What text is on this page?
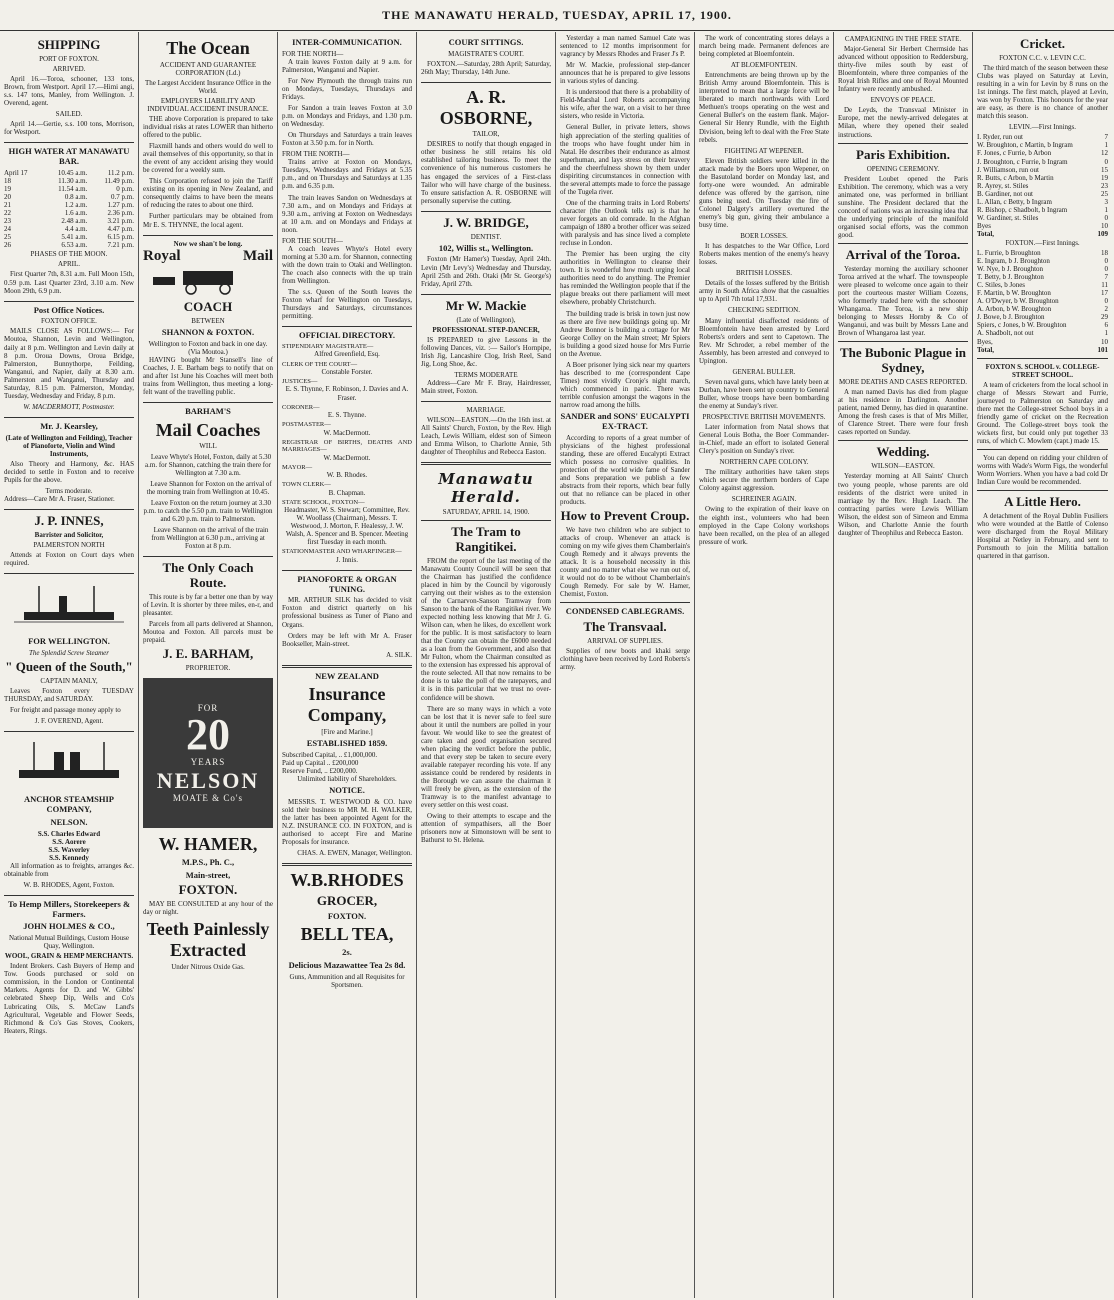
THE MANAWATU HERALD, TUESDAY, APRIL 17, 1900.
SHIPPING
PORT OF FOXTON.
ARRIVED.

April 16.—Toroa, schooner, 133 tons, Brown, from Westport. April 17.—Himi angi, s.s. 147 tons, Manley, from Wellington. J. Overend, agent.

SAILED.

April 14.—Gertie, s.s. 100 tons, Morrison, for Westport.

HIGH WATER AT MANAWATU BAR.
April 17	10.45 a.m.	11.2 p.m.
18	11.30 a.m.	11.49 p.m.
19	11.54 a.m.	0 p.m.
20	0.8 a.m.	0.7 p.m.
21	1.2 a.m.	1.27 p.m.
22	1.6 a.m.	2.36 p.m.
23	2.48 a.m.	3.21 p.m.
24	4.4 a.m.	4.47 p.m.
25	5.41 a.m.	6.15 p.m.
26	6.53 a.m.	7.21 p.m.
PHASES OF THE MOON.
APRIL.

First Quarter 7th, 8.31 a.m. Full Moon 15th, 0.59 p.m. Last Quarter 23rd, 3.10 a.m. New Moon 29th, 6.9 p.m.

Post Office Notices.
FOXTON OFFICE.

MAILS CLOSE AS FOLLOWS:— For Moutoa, Shannon, Levin and Wellington, daily at 8 p.m. Wellington and Levin daily at 8 p.m. Oroua Downs, Oroua Bridge, Palmerston, Bunnythorpe, Feilding, Wanganui, and Napier, daily at 8.30 a.m. Palmerston and Wanganui, Thursday and Saturday, 8.15 p.m. Palmerston, Monday, Tuesday, Wednesday and Friday, 8 p.m.

W. MACDERMOTT, Postmaster.
Mr. J. Kearsley,
(Late of Wellington and Feilding), Teacher of Pianoforte, Violin and Wind Instruments,

Also Theory and Harmony, &c. HAS decided to settle in Foxton and to receive Pupils for the above.

Terms moderate.
Address—Care Mr A. Fraser, Stationer.
J. P. INNES,
Barrister and Solicitor,
PALMERSTON NORTH

Attends at Foxton on Court days when required.

FOR WELLINGTON.
The Splendid Screw Steamer
" Queen of the South,"
CAPTAIN MANLY,

Leaves Foxton every TUESDAY THURSDAY, and SATURDAY.

For freight and passage money apply to

J. F. OVEREND, Agent.
ANCHOR STEAMSHIP COMPANY,
NELSON.
S.S. Charles Edward
S.S. Aorere
S.S. Waverley
S.S. Kennedy

All information as to freights, arranges &c. obtainable from

W. B. RHODES, Agent, Foxton.
To Hemp Millers, Storekeepers & Farmers.
JOHN HOLMES & CO.,
National Mutual Buildings, Custom House Quay, Wellington.
WOOL, GRAIN & HEMP MERCHANTS.

Indent Brokers. Cash Buyers of Hemp and Tow. Goods purchased or sold on commission, in the London or Continental Markets. Agents for D. and W. Gibbs' celebrated Sheep Dip, Wells and Co's Lubricating Oils, S. McCaw Land's Agricultural, Vegetable and Flower Seeds, Richmond & Co's Gas Stoves, Cookers, Heaters, Rings.

The Ocean
ACCIDENT AND GUARANTEE CORPORATION (Ld.)
The Largest Accident Insurance Office in the World.
EMPLOYERS LIABILITY AND INDIVIDUAL ACCIDENT INSURANCE.

THE above Corporation is prepared to take individual risks at rates LOWER than hitherto offered to the public.

Flaxmill hands and others would do well to avail themselves of this opportunity, so that in the event of any accident arising they would be covered for a weekly sum.

This Corporation refused to join the Tariff existing on its opening in New Zealand, and consequently claims to have been the means of reducing the rates to about one third.

Further particulars may be obtained from Mr E. S. THYNNE, the local agent.

Now we shan't be long.
Royal	Mail
COACH
BETWEEN
SHANNON & FOXTON.
Wellington to Foxton and back in one day.
(Via Moutoa.)

HAVING bought Mr Stansell's line of Coaches, J. E. Barham begs to notify that on and after 1st June his Coaches will meet both trains from Wellington, thus meeting a long-felt want of the travelling public.

BARHAM'S
Mail Coaches
WILL

Leave Whyte's Hotel, Foxton, daily at 5.30 a.m. for Shannon, catching the train there for Wellington at 7.30 a.m.

Leave Shannon for Foxton on the arrival of the morning train from Wellington at 10.45.

Leave Foxton on the return journey at 3.30 p.m. to catch the 5.50 p.m. train to Wellington and 6.20 p.m. train to Palmerston.

Leave Shannon on the arrival of the train from Wellington at 6.30 p.m., arriving at Foxton at 8 p.m.

The Only Coach Route.

This route is by far a better one than by way of Levin. It is shorter by three miles, en-r, and pleasanter.

Parcels from all parts delivered at Shannon, Moutoa and Foxton. All parcels must be prepaid.

J. E. BARHAM,
PROPRIETOR.
FOR
20
YEARS
NELSON
MOATE & Co's
W. HAMER,
M.P.S., Ph. C.,
Main-street,
FOXTON.

MAY BE CONSULTED at any hour of the day or night.

Teeth Painlessly Extracted
Under Nitrous Oxide Gas.
INTER-COMMUNICATION.
FOR THE NORTH—

A train leaves Foxton daily at 9 a.m. for Palmerston, Wanganui and Napier.

For New Plymouth the through trains run on Mondays, Tuesdays, Thursdays and Fridays.

For Sandon a train leaves Foxton at 3.0 p.m. on Mondays and Fridays, and 1.30 p.m. on Wednesday.

On Thursdays and Saturdays a train leaves Foxton at 3.50 p.m. for in North.

FROM THE NORTH—

Trains arrive at Foxton on Mondays, Tuesdays, Wednesdays and Fridays at 5.35 p.m., and on Thursdays and Saturdays at 1.35 p.m. and 6.35 p.m.

The train leaves Sandon on Wednesdays at 7.30 a.m., and on Mondays and Fridays at 9.30 a.m., arriving at Foxton on Wednesdays at 10 a.m. and on Mondays and Fridays at noon.

FOR THE SOUTH—

A coach leaves Whyte's Hotel every morning at 5.30 a.m. for Shannon, connecting with the down train to Otaki and Wellington. The coach also connects with the up train from Wellington.

The s.s. Queen of the South leaves the Foxton wharf for Wellington on Tuesdays, Thursdays and Saturdays, circumstances permitting.

OFFICIAL DIRECTORY.
STIPENDIARY MAGISTRATE—
Alfred Greenfield, Esq.
CLERK OF THE COURT—
Constable Forster.
JUSTICES—
E. S. Thynne, F. Robinson, J. Davies and A. Fraser.
CORONER—
E. S. Thynne.
POSTMASTER—
W. MacDermott.
REGISTRAR OF BIRTHS, DEATHS AND MARRIAGES—
W. MacDermott.
MAYOR—
W. B. Rhodes.
TOWN CLERK—
B. Chapman.
STATE SCHOOL, FOXTON—
Headmaster, W. S. Stewart; Committee, Rev. W. Woollass (Chairman), Messrs. T. Westwood, J. Morton, F. Healessy, J. W. Walsh, A. Spencer and B. Spencer. Meeting first Tuesday in each month.
STATIONMASTER AND WHARFINGER—
J. Innis.
PIANOFORTE & ORGAN TUNING.

MR. ARTHUR SILK has decided to visit Foxton and district quarterly on his professional business as Tuner of Piano and Organs.

Orders may be left with Mr A. Fraser Bookseller, Main-street.

A. SILK.
NEW ZEALAND
Insurance Company,
[Fire and Marine.]
ESTABLISHED 1859.
Subscribed Capital, .. £1,000,000.
Paid up Capital .. £200,000
Reserve Fund, .. £200,000.
Unlimited liability of Shareholders.
NOTICE.

MESSRS. T. WESTWOOD & CO. have sold their business to MR M. H. WALKER, the latter has been appointed Agent for the N.Z. INSURANCE CO. IN FOXTON, and is authorised to accept Fire and Marine Proposals for insurance.

CHAS. A. EWEN, Manager, Wellington.
W.B.RHODES
GROCER,
FOXTON.
BELL TEA,
2s.
Delicious Mazawattee Tea 2s 8d.
Guns, Ammunition and all Requisites for Sportsmen.
COURT SITTINGS.
MAGISTRATE'S COURT.

FOXTON.—Saturday, 28th April; Saturday, 26th May; Thursday, 14th June.

A. R. OSBORNE,
TAILOR,

DESIRES to notify that though engaged in other business he still retains his old established tailoring business. To meet the convenience of his numerous customers he has engaged the services of a First-class Tailor who will have charge of the business. To ensure satisfaction A. R. OSBORNE will personally supervise the cutting.

J. W. BRIDGE,
DENTIST.
102, Willis st., Wellington.

Foxton (Mr Hamer's) Tuesday, April 24th. Levin (Mr Levy's) Wednesday and Thursday, April 25th and 26th. Otaki (Mr St. George's) Friday, April 27th.

Mr W. Mackie
(Late of Wellington),
PROFESSIONAL STEP-DANCER,

IS PREPARED to give Lessons in the following Dances, viz. :— Sailor's Hornpipe, Irish Jig, Lancashire Clog, Irish Reel, Sand Jig, Long Shoe, &c.

TERMS MODERATE

Address—Care Mr F. Bray, Hairdresser, Main street, Foxton.

MARRIAGE.

WILSON—EASTON.—On the 16th inst. at All Saints' Church, Foxton, by the Rev. High Leach, Lewis William, eldest son of Simeon and Emma Wilson, to Charlotte Annie, 5th daughter of Theophilus and Rebecca Easton.

Manawatu Herald.
SATURDAY, APRIL 14, 1900.
The Tram to Rangitikei.

FROM the report of the last meeting of the Manawatu County Council will be seen that the Chairman has justified the confidence placed in him by the Council by vigorously carrying out their wishes as to the extension of the Carnarvon-Sanson Tramway from Sanson to the bank of the Rangitikei river. We expected nothing less knowing that Mr J. G. Wilson can, when he likes, do excellent work for the public. It is most satisfactory to learn that the County can obtain the £6000 needed as a loan from the Government, and also that Mr Fulton, whom the Chairman consulted as to the extension has expressed his approval of the route selected. All that now remains to be done is to take the poll of the ratepayers, and it is in this particular that we trust no over-confidence will be shown.

There are so many ways in which a vote can be lost that it is never safe to feel sure about it until the numbers are polled in your favour. We would like to see the greatest of care taken and good organisation secured when placing the verdict before the public, and that every step be taken to secure every available ratepayer recording his vote. If any assistance could be rendered by residents in the Borough we can assure the chairman it will freely be given, as the extension of the Tramway is to the manifest advantage to every settler on this west coast.

Owing to their attempts to escape and the attention of sympathisers, all the Boer prisoners now at Simonstown will be sent to Bathurst to St. Helena.

Yesterday a man named Samuel Cate was sentenced to 12 months imprisonment for vagrancy by Messrs Rhodes and Fraser J's P.

Mr W. Mackie, professional step-dancer announces that he is prepared to give lessons in various styles of dancing.

It is understood that there is a probability of Field-Marshal Lord Roberts accompanying his wife, after the war, on a visit to her three sisters, who reside in Victoria.

General Buller, in private letters, shows high appreciation of the sterling qualities of the troops who have fought under him in Natal. He describes their endurance as almost superhuman, and lays stress on their bravery and the cheerfulness shown by them under dispiriting circumstances in connection with the several attempts made to force the passage of the Tugela river.

One of the charming traits in Lord Roberts' character (the Outlook tells us) is that he never forgets an old comrade. In the Afghan campaign of 1880 a brother officer was seized with paralysis and has since lived a complete recluse in London.

The Premier has been urging the city authorities in Wellington to cleanse their town. It is wonderful how much urging local authorities need to do anything. The Premier has reminded the Wellington people that if the plague breaks out there parliament will meet elsewhere, probably Christchurch.

The building trade is brisk in town just now as there are five new buildings going up. Mr Andrew Bonnor is building a cottage for Mr George Colley on the Main street; Mr Spiers is building a good sized house for Mrs Furrie on the Avenue.

A Boer prisoner lying sick near my quarters has described to me (correspondent Cape Times) most vividly Cronje's night march, which commenced in panic. There was terrible confusion amongst the wagons in the narrow road among the hills.

SANDER and SONS' EUCALYPTI EX-TRACT.

According to reports of a great number of physicians of the highest professional standing, these are offered Eucalypti Extract which possess no corrosive qualities. In protection of the world wide fame of Sander and Sons preparation we publish a few abstracts from their reports, which bear fully out that no reliance can be placed in other products.

How to Prevent Croup.

We have two children who are subject to attacks of croup. Whenever an attack is coming on my wife gives them Chamberlain's Cough Remedy and it always prevents the attack. It is a household necessity in this county and no matter what else we run out of, it would not do to be without Chamberlain's Cough Remedy. For sale by W. Hamer, Chemist, Foxton.

CONDENSED CABLEGRAMS.
The Transvaal.
ARRIVAL OF SUPPLIES.

Supplies of new boots and khaki serge clothing have been received by Lord Roberts's army.

The work of concentrating stores delays a march being made. Permanent defences are being completed at Bloemfontein.

AT BLOEMFONTEIN.

Entrenchments are being thrown up by the British Army around Bloemfontein. This is interpreted to mean that a large force will be liberated to march northwards with Lord Methuen's troops operating on the west and General Buller's on the eastern flank. Major-General Sir Henry Rundle, with the Eighth Division, being left to deal with the Free State rebels.

FIGHTING AT WEPENER.

Eleven British soldiers were killed in the attack made by the Boers upon Wepener, on the Basutoland border on Monday last, and forty-one were wounded. An admirable defence was offered by the garrison, nine guns being used. On Tuesday the fire of Colonel Dalgety's artillery overtured the enemy's big gun, giving their ambulance a busy time.

BOER LOSSES.

It has despatches to the War Office, Lord Roberts makes mention of the enemy's heavy losses.

BRITISH LOSSES.

Details of the losses suffered by the British army in South Africa show that the casualties up to April 7th total 17,931.

CHECKING SEDITION.

Many influential disaffected residents of Bloemfontein have been arrested by Lord Roberts's orders and sent to Capetown. The Rev. Mr Schroder, a rebel member of the Assembly, has been arrested and conveyed to Upington.

GENERAL BULLER.

Seven naval guns, which have lately been at Durban, have been sent up country to General Buller, whose troops have been bombarding the enemy at Sunday's river.

PROSPECTIVE BRITISH MOVEMENTS.

Later information from Natal shows that General Louis Botha, the Boer Commander-in-Chief, made an effort to isolated General Clery's position on Sunday's river.

NORTHERN CAPE COLONY.

The military authorities have taken steps which secure the northern borders of Cape Colony against aggression.

SCHREINER AGAIN.

Owing to the expiration of their leave on the eighth inst., volunteers who had been employed in the Cape Colony workshops have been recalled, on the plea of an alleged pressure of work.

CAMPAIGNING IN THE FREE STATE.

Major-General Sir Herbert Chermside has advanced without opposition to Reddersburg, thirty-five miles south by east of Bloemfontein, where three companies of the Royal Irish Rifles and one of Royal Mounted Infantry were recently ambushed.

ENVOYS OF PEACE.

De Leyds, the Transvaal Minister in Europe, met the newly-arrived delegates at Milan, where they opened their sealed instructions.

Paris Exhibition.
OPENING CEREMONY.

President Loubet opened the Paris Exhibition. The ceremony, which was a very animated one, was performed in brilliant sunshine. The President declared that the concord of nations was an increasing idea that the underlying principle of the manifold organised social efforts, was the common good.

Arrival of the Toroa.

Yesterday morning the auxiliary schooner Toroa arrived at the wharf. The townspeople were pleased to welcome once again to their port the courteous master William Cozens, who formerly traded here with the schooner Whangaroa. The Toroa, is a new ship belonging to Messrs Hornby & Co of Wanganui, and was built by Messrs Lane and Brown of Whangaroa last year.

The Bubonic Plague in Sydney,
MORE DEATHS AND CASES REPORTED.

A man named Davis has died from plague at his residence in Darlington. Another patient, named Denny, has died in quarantine. Among the fresh cases is that of Mrs Miller, of Clarence Street. There were four fresh cases reported on Sunday.

Wedding.
WILSON—EASTON.

Yesterday morning at All Saints' Church two young people, whose parents are old residents of the district were united in marriage by the Rev. Hugh Leach. The contracting parties were Lewis William Wilson, the eldest son of Simeon and Emma Wilson, and Charlotte Annie the fourth daughter of Theophilus and Rebecca Easton.

Cricket.
FOXTON C.C. v. LEVIN C.C.

The third match of the season between these Clubs was played on Saturday at Levin, resulting in a win for Levin by 8 runs on the 1st innings. The first match, played at Levin, was won by Foxton. This honours for the year are easy, as there is no chance of another match this season.

LEVIN.—First Innings.
I. Ryder, run out	7
W. Broughton, c Martin, b Ingram	1
F. Jones, c Furrie, b Arbon	12
J. Broughton, c Furrie, b Ingram	0
J. Williamson, run out	15
R. Butts, c Arbon, b Martin	19
R. Ayrey, st. Stiles	23
B. Gardiner, not out	25
L. Allan, c Betty, b Ingram	3
R. Bishop, c Shadbolt, b Ingram	1
W. Gardiner, st. Stiles	0
Byes	10
Total,	109
FOXTON.—First Innings.
L. Furrie, b Broughton	18
E. Ingram, b J. Broughton	0
W. Nye, b J. Broughton	0
T. Betty, b J. Broughton	7
C. Stiles, b Jones	11
F. Martin, b W. Broughton	17
A. O'Dwyer, b W. Broughton	0
A. Arbon, b W. Broughton	2
J. Bowe, b J. Broughton	29
Spiers, c Jones, b W. Broughton	6
A. Shadbolt, not out	1
Byes,	10
Total,	101
FOXTON S. SCHOOL v. COLLEGE-STREET SCHOOL.

A team of cricketers from the local school in charge of Messrs Stewart and Furrie, journeyed to Palmerston on Saturday and there met the College-street School boys in a friendly game of cricket on the Recreation Ground. The College-street boys took the wickets first, but could only put together 33 runs, of which C. Mowlem (capt.) made 15.

You can depend on ridding your children of worms with Wade's Worm Figs, the wonderful Worm Worriers. When you have a bad cold Dr Indian Cure would be recommended.

A Little Hero.

A detachment of the Royal Dublin Fusiliers who were wounded at the Battle of Colenso were discharged from the Royal Military Hospital at Netley in February, and sent to Portsmouth to join the Militia battalion quartered in that garrison.
